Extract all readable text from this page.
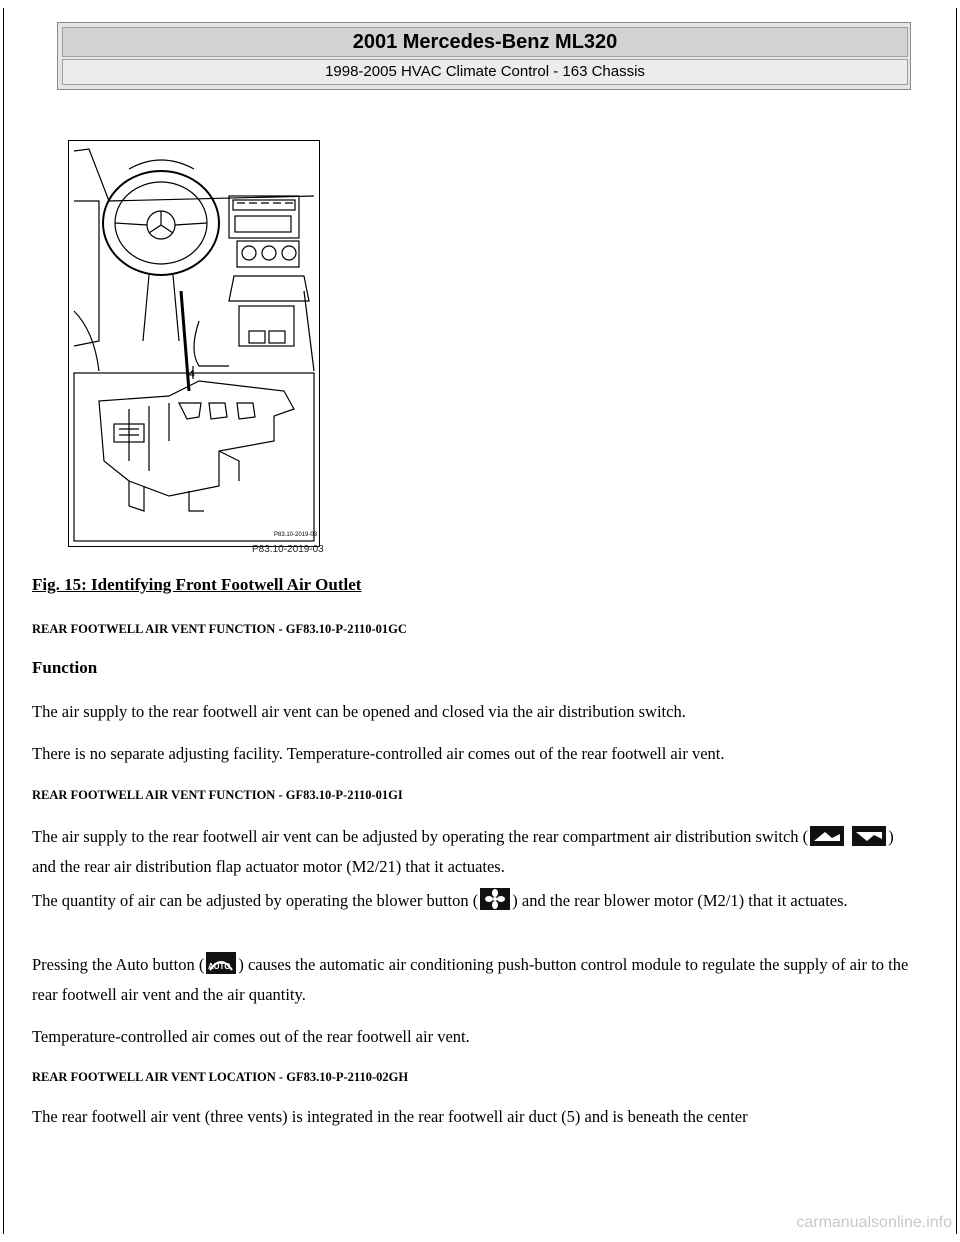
2001 Mercedes-Benz ML320
1998-2005 HVAC Climate Control - 163 Chassis
4
P83.10-2019-03
P83.10-2019-03
Fig. 15: Identifying Front Footwell Air Outlet
REAR FOOTWELL AIR VENT FUNCTION - GF83.10-P-2110-01GC
Function
The air supply to the rear footwell air vent can be opened and closed via the air distribution switch.
There is no separate adjusting facility. Temperature-controlled air comes out of the rear footwell air vent.
REAR FOOTWELL AIR VENT FUNCTION - GF83.10-P-2110-01GI
The air supply to the rear footwell air vent can be adjusted by operating the rear compartment air distribution switch (
	) and the rear air distribution flap actuator motor (M2/21) that it actuates.
The quantity of air can be adjusted by operating the blower button ( ) and the rear blower motor (M2/1) that it actuates.
Pressing the Auto button ( AUTO ) causes the automatic air conditioning push-button control module to regulate the supply of air to the rear footwell air vent and the air quantity.
Temperature-controlled air comes out of the rear footwell air vent.
REAR FOOTWELL AIR VENT LOCATION - GF83.10-P-2110-02GH
The rear footwell air vent (three vents) is integrated in the rear footwell air duct (5) and is beneath the center
carmanualsonline.info
